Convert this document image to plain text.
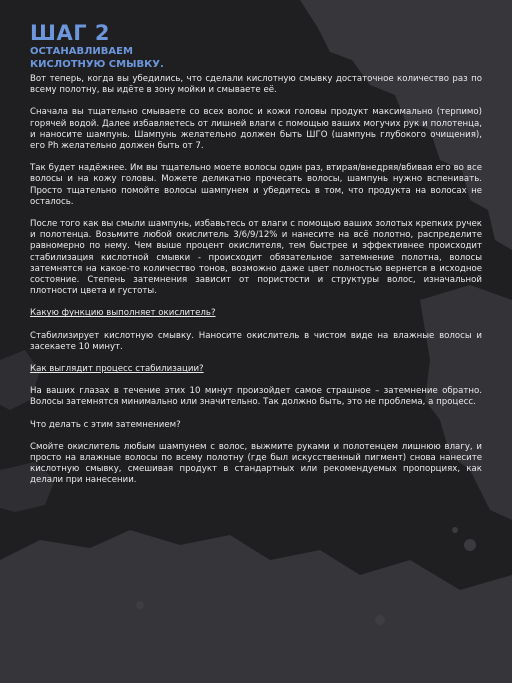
ШАГ 2
ОСТАНАВЛИВАЕМ
КИСЛОТНУЮ СМЫВКУ.

Вот теперь, когда вы убедились, что сделали кислотную смывку достаточное количество раз по всему полотну, вы идёте в зону мойки и смываете её.

Сначала вы тщательно смываете со всех волос и кожи головы продукт максимально (терпимо) горячей водой. Далее избавляетесь от лишней влаги с помощью ваших могучих рук и полотенца, и наносите шампунь. Шампунь желательно должен быть ШГО (шампунь глубокого очищения), его Ph желательно должен быть от 7.

Так будет надёжнее. Им вы тщательно моете волосы один раз, втирая/внедряя/вбивая его во все волосы и на кожу головы. Можете деликатно прочесать волосы, шампунь нужно вспенивать. Просто тщательно помойте волосы шампунем и убедитесь в том, что продукта на волосах не осталось.

После того как вы смыли шампунь, избавьтесь от влаги с помощью ваших золотых крепких ручек и полотенца. Возьмите любой окислитель 3/6/9/12% и нанесите на всё полотно, распределите равномерно по нему. Чем выше процент окислителя, тем быстрее и эффективнее происходит стабилизация кислотной смывки - происходит обязательное затемнение полотна, волосы затемнятся на какое-то количество тонов, возможно даже цвет полностью вернется в исходное состояние. Степень затемнения зависит от пористости и структуры волос, изначальной плотности цвета и густоты.

Какую функцию выполняет окислитель?

Стабилизирует кислотную смывку. Наносите окислитель в чистом виде на влажные волосы и засекаете 10 минут.

Как выглядит процесс стабилизации?

На ваших глазах в течение этих 10 минут произойдет самое страшное – затемнение обратно. Волосы затемнятся минимально или значительно. Так должно быть, это не проблема, а процесс.

Что делать с этим затемнением?

Смойте окислитель любым шампунем с волос, выжмите руками и полотенцем лишнюю влагу, и просто на влажные волосы по всему полотну (где был искусственный пигмент) снова нанесите кислотную смывку, смешивая продукт в стандартных или рекомендуемых пропорциях, как делали при нанесении.
